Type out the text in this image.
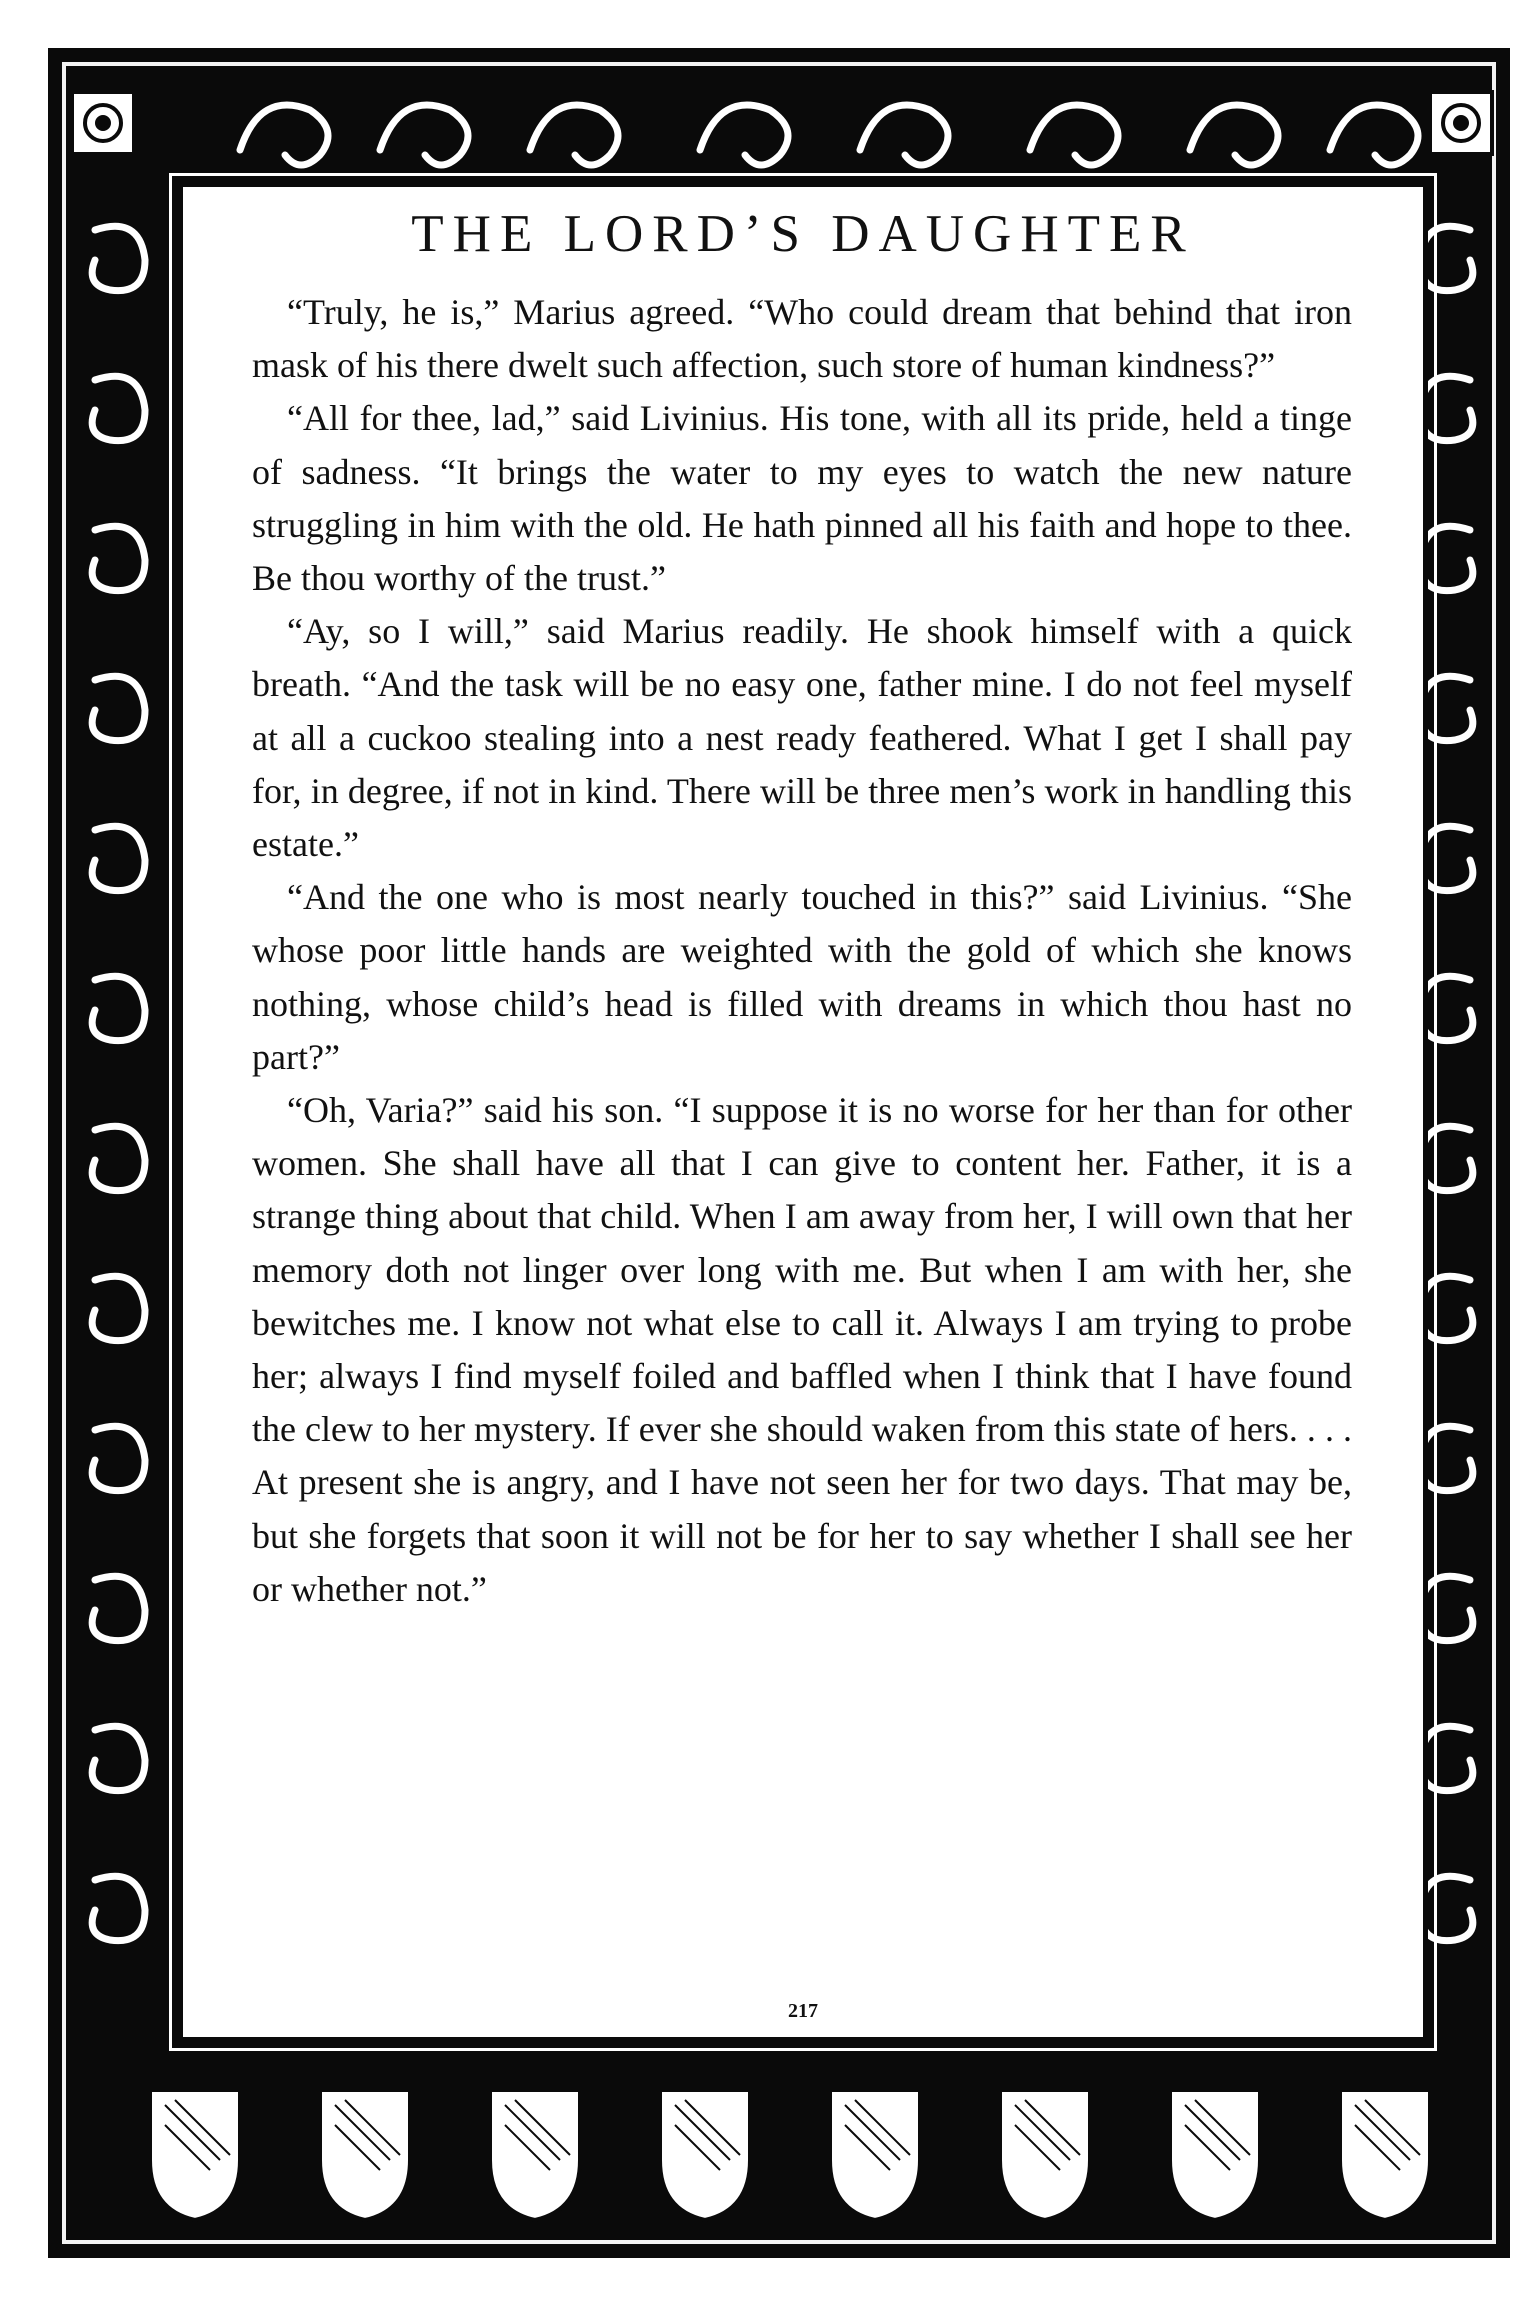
THE LORD’S DAUGHTER

“Truly, he is,” Marius agreed. “Who could dream that behind that iron mask of his there dwelt such affection, such store of human kindness?”

“All for thee, lad,” said Livinius. His tone, with all its pride, held a tinge of sadness. “It brings the water to my eyes to watch the new nature struggling in him with the old. He hath pinned all his faith and hope to thee. Be thou worthy of the trust.”

“Ay, so I will,” said Marius readily. He shook himself with a quick breath. “And the task will be no easy one, father mine. I do not feel myself at all a cuckoo stealing into a nest ready feathered. What I get I shall pay for, in degree, if not in kind. There will be three men’s work in handling this estate.”

“And the one who is most nearly touched in this?” said Livinius. “She whose poor little hands are weighted with the gold of which she knows nothing, whose child’s head is filled with dreams in which thou hast no part?”

“Oh, Varia?” said his son. “I suppose it is no worse for her than for other women. She shall have all that I can give to content her. Father, it is a strange thing about that child. When I am away from her, I will own that her memory doth not linger over long with me. But when I am with her, she bewitches me. I know not what else to call it. Always I am trying to probe her; always I find myself foiled and baffled when I think that I have found the clew to her mystery. If ever she should waken from this state of hers. . . . At present she is angry, and I have not seen her for two days. That may be, but she forgets that soon it will not be for her to say whether I shall see her or whether not.”

217
